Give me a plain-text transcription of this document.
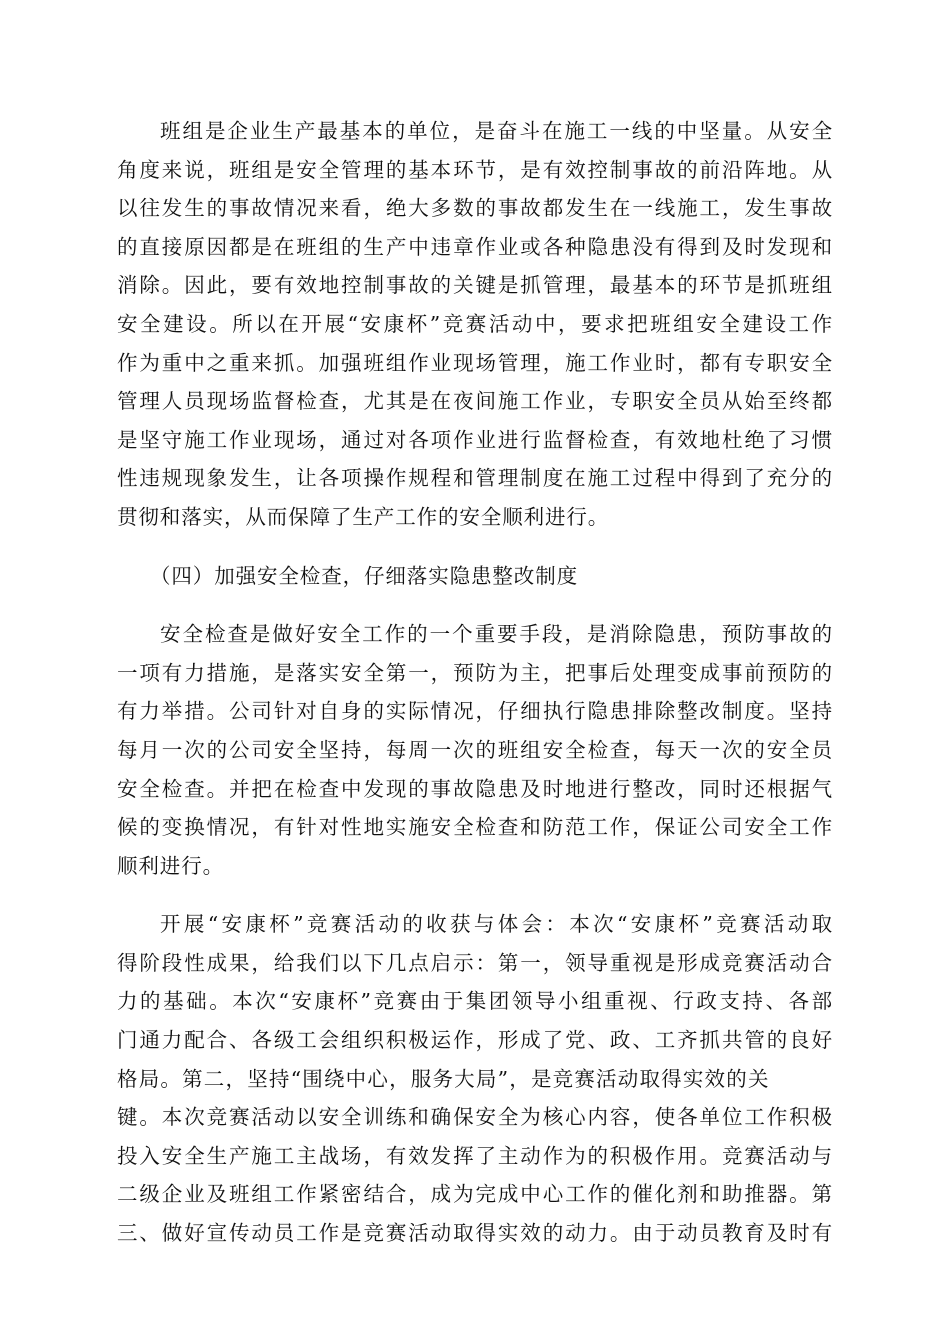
班组是企业生产最基本的单位，是奋斗在施工一线的中坚量。从安全
角度来说，班组是安全管理的基本环节，是有效控制事故的前沿阵地。从
以往发生的事故情况来看，绝大多数的事故都发生在一线施工，发生事故
的直接原因都是在班组的生产中违章作业或各种隐患没有得到及时发现和
消除。因此，要有效地控制事故的关键是抓管理，最基本的环节是抓班组
安全建设。所以在开展“安康杯”竞赛活动中，要求把班组安全建设工作
作为重中之重来抓。加强班组作业现场管理，施工作业时，都有专职安全
管理人员现场监督检查，尤其是在夜间施工作业，专职安全员从始至终都
是坚守施工作业现场，通过对各项作业进行监督检查，有效地杜绝了习惯
性违规现象发生，让各项操作规程和管理制度在施工过程中得到了充分的
贯彻和落实，从而保障了生产工作的安全顺利进行。
（四）加强安全检查，仔细落实隐患整改制度
安全检查是做好安全工作的一个重要手段，是消除隐患，预防事故的
一项有力措施，是落实安全第一，预防为主，把事后处理变成事前预防的
有力举措。公司针对自身的实际情况，仔细执行隐患排除整改制度。坚持
每月一次的公司安全坚持，每周一次的班组安全检查，每天一次的安全员
安全检查。并把在检查中发现的事故隐患及时地进行整改，同时还根据气
候的变换情况，有针对性地实施安全检查和防范工作，保证公司安全工作
顺利进行。
开展“安康杯”竞赛活动的收获与体会：本次“安康杯”竞赛活动取
得阶段性成果，给我们以下几点启示：第一，领导重视是形成竞赛活动合
力的基础。本次“安康杯”竞赛由于集团领导小组重视、行政支持、各部
门通力配合、各级工会组织积极运作，形成了党、政、工齐抓共管的良好
格局。第二，坚持“围绕中心，服务大局”，是竞赛活动取得实效的关
键。本次竞赛活动以安全训练和确保安全为核心内容，使各单位工作积极
投入安全生产施工主战场，有效发挥了主动作为的积极作用。竞赛活动与
二级企业及班组工作紧密结合，成为完成中心工作的催化剂和助推器。第
三、做好宣传动员工作是竞赛活动取得实效的动力。由于动员教育及时有
